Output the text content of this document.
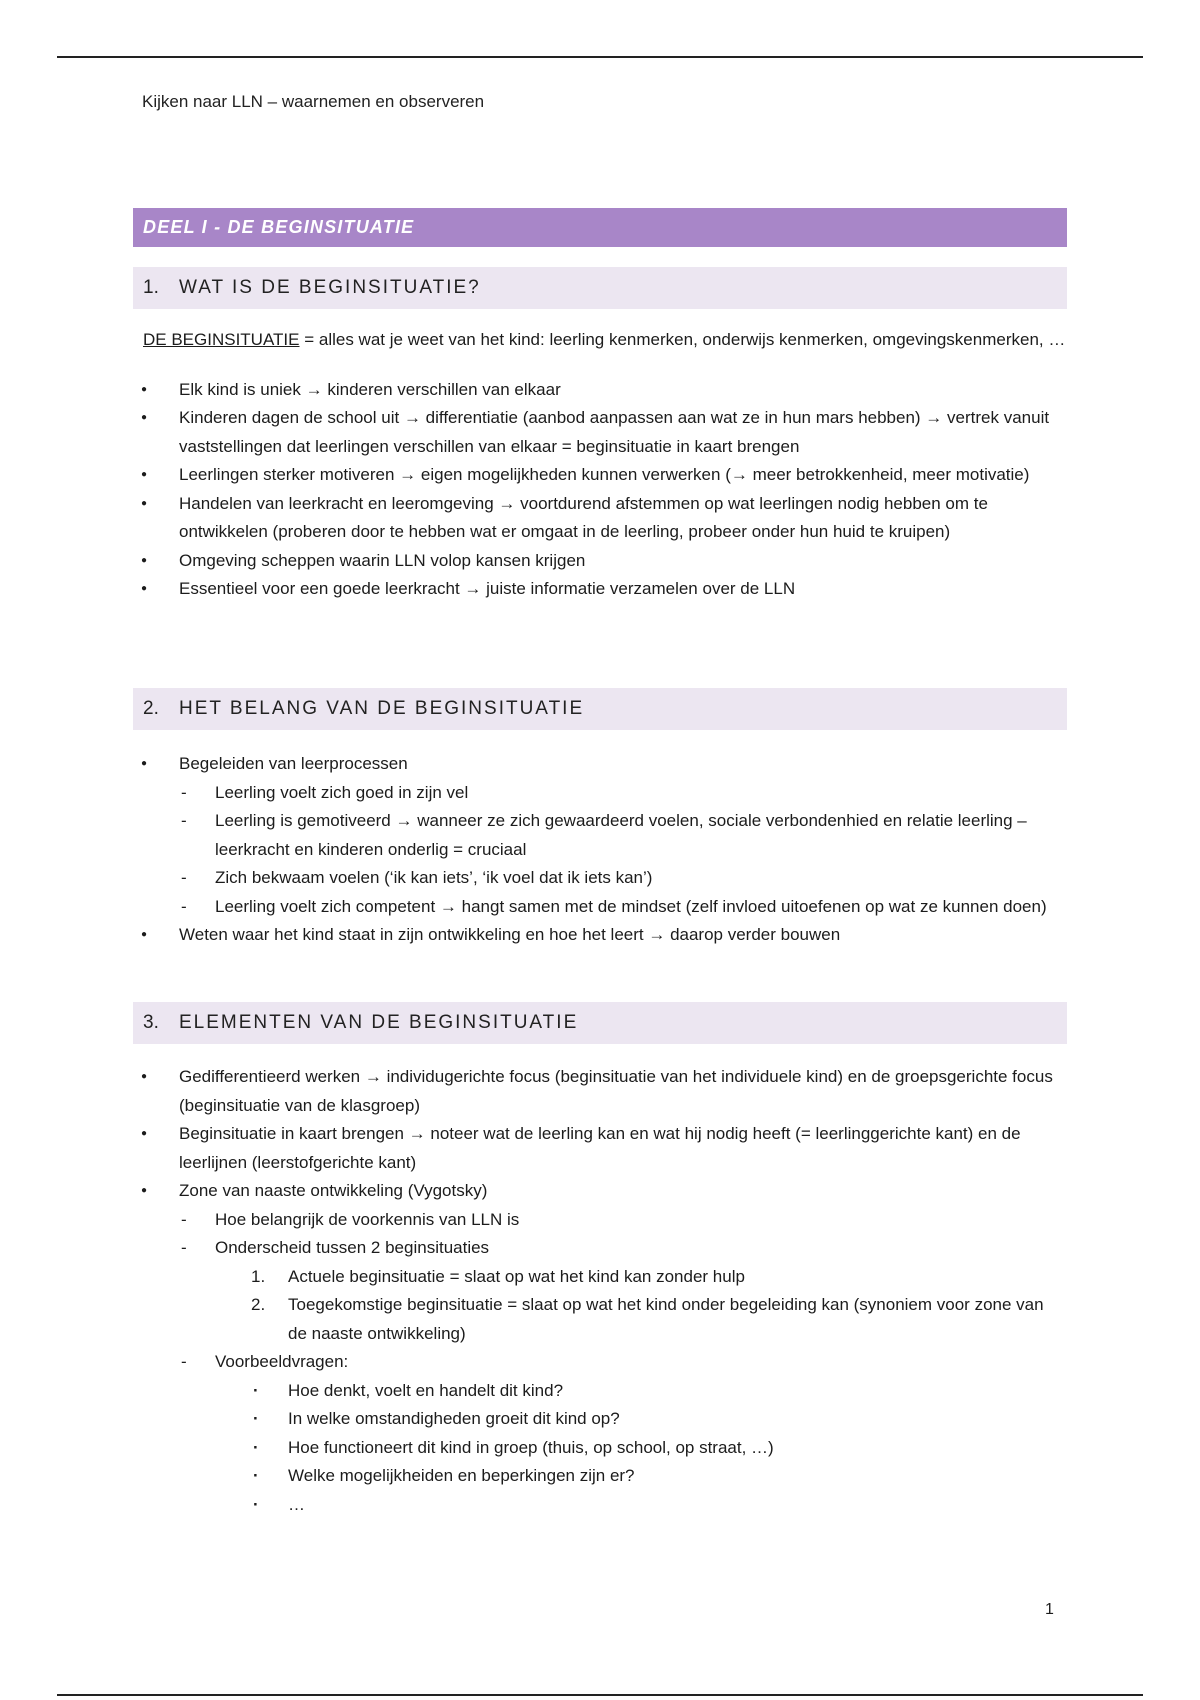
Kijken naar LLN – waarnemen en observeren
DEEL I - DE BEGINSITUATIE
1. WAT IS DE BEGINSITUATIE?

DE BEGINSITUATIE = alles wat je weet van het kind: leerling kenmerken, onderwijs kenmerken, omgevingskenmerken, …

● Elk kind is uniek → kinderen verschillen van elkaar
● Kinderen dagen de school uit → differentiatie (aanbod aanpassen aan wat ze in hun mars hebben) → vertrek vanuit vaststellingen dat leerlingen verschillen van elkaar = beginsituatie in kaart brengen
● Leerlingen sterker motiveren → eigen mogelijkheden kunnen verwerken (→ meer betrokkenheid, meer motivatie)
● Handelen van leerkracht en leeromgeving → voortdurend afstemmen op wat leerlingen nodig hebben om te ontwikkelen (proberen door te hebben wat er omgaat in de leerling, probeer onder hun huid te kruipen)
● Omgeving scheppen waarin LLN volop kansen krijgen
● Essentieel voor een goede leerkracht → juiste informatie verzamelen over de LLN
2. HET BELANG VAN DE BEGINSITUATIE
● Begeleiden van leerprocessen
- Leerling voelt zich goed in zijn vel
- Leerling is gemotiveerd → wanneer ze zich gewaardeerd voelen, sociale verbondenhied en relatie leerling – leerkracht en kinderen onderlig = cruciaal
- Zich bekwaam voelen (‘ik kan iets’, ‘ik voel dat ik iets kan’)
- Leerling voelt zich competent → hangt samen met de mindset (zelf invloed uitoefenen op wat ze kunnen doen)
● Weten waar het kind staat in zijn ontwikkeling en hoe het leert → daarop verder bouwen
3. ELEMENTEN VAN DE BEGINSITUATIE
● Gedifferentieerd werken → individugerichte focus (beginsituatie van het individuele kind) en de groepsgerichte focus (beginsituatie van de klasgroep)
● Beginsituatie in kaart brengen → noteer wat de leerling kan en wat hij nodig heeft (= leerlinggerichte kant) en de leerlijnen (leerstofgerichte kant)
● Zone van naaste ontwikkeling (Vygotsky)
- Hoe belangrijk de voorkennis van LLN is
- Onderscheid tussen 2 beginsituaties
1. Actuele beginsituatie = slaat op wat het kind kan zonder hulp
2. Toegekomstige beginsituatie = slaat op wat het kind onder begeleiding kan (synoniem voor zone van de naaste ontwikkeling)
- Voorbeeldvragen:
· Hoe denkt, voelt en handelt dit kind?
· In welke omstandigheden groeit dit kind op?
· Hoe functioneert dit kind in groep (thuis, op school, op straat, …)
· Welke mogelijkheiden en beperkingen zijn er?
· …
1
